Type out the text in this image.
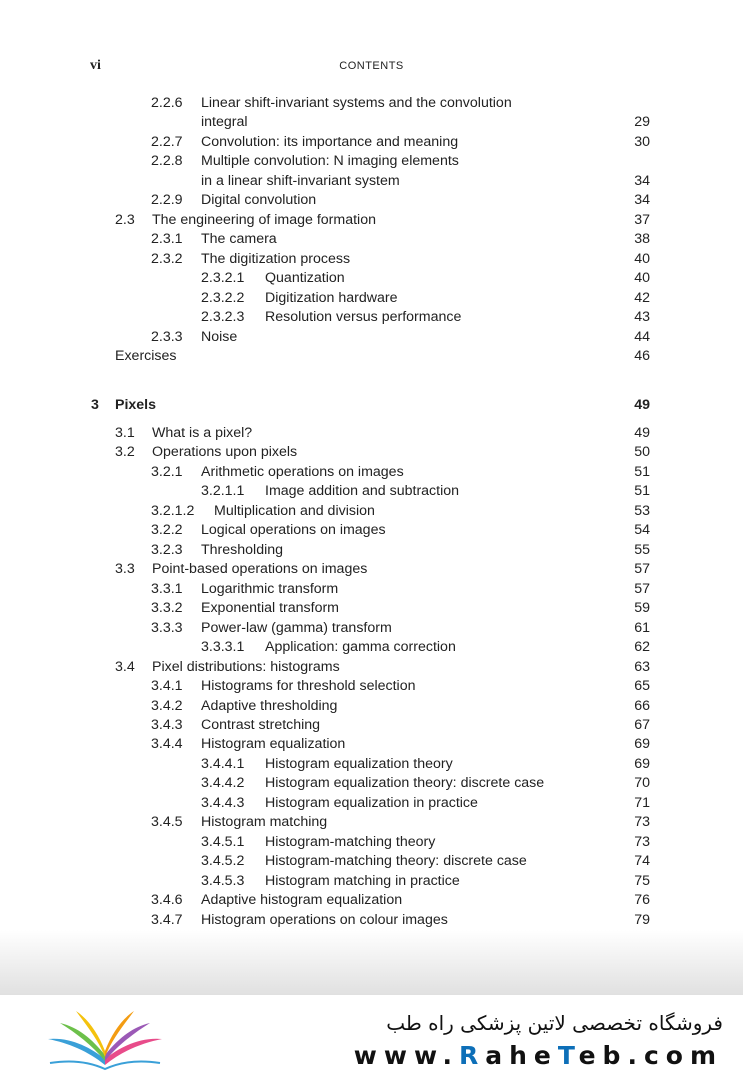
vi	CONTENTS
2.2.6 Linear shift-invariant systems and the convolution
integral	29
2.2.7 Convolution: its importance and meaning	30
2.2.8 Multiple convolution: N imaging elements
in a linear shift-invariant system	34
2.2.9 Digital convolution	34
2.3 The engineering of image formation	37
2.3.1 The camera	38
2.3.2 The digitization process	40
2.3.2.1 Quantization	40
2.3.2.2 Digitization hardware	42
2.3.2.3 Resolution versus performance	43
2.3.3 Noise	44
Exercises	46
3 Pixels	49
3.1 What is a pixel?	49
3.2 Operations upon pixels	50
3.2.1 Arithmetic operations on images	51
3.2.1.1 Image addition and subtraction	51
3.2.1.2 Multiplication and division	53
3.2.2 Logical operations on images	54
3.2.3 Thresholding	55
3.3 Point-based operations on images	57
3.3.1 Logarithmic transform	57
3.3.2 Exponential transform	59
3.3.3 Power-law (gamma) transform	61
3.3.3.1 Application: gamma correction	62
3.4 Pixel distributions: histograms	63
3.4.1 Histograms for threshold selection	65
3.4.2 Adaptive thresholding	66
3.4.3 Contrast stretching	67
3.4.4 Histogram equalization	69
3.4.4.1 Histogram equalization theory	69
3.4.4.2 Histogram equalization theory: discrete case	70
3.4.4.3 Histogram equalization in practice	71
3.4.5 Histogram matching	73
3.4.5.1 Histogram-matching theory	73
3.4.5.2 Histogram-matching theory: discrete case	74
3.4.5.3 Histogram matching in practice	75
3.4.6 Adaptive histogram equalization	76
3.4.7 Histogram operations on colour images	79
فروشگاه تخصصی لاتین پزشکی راه طب
www.RaheTeb.com
